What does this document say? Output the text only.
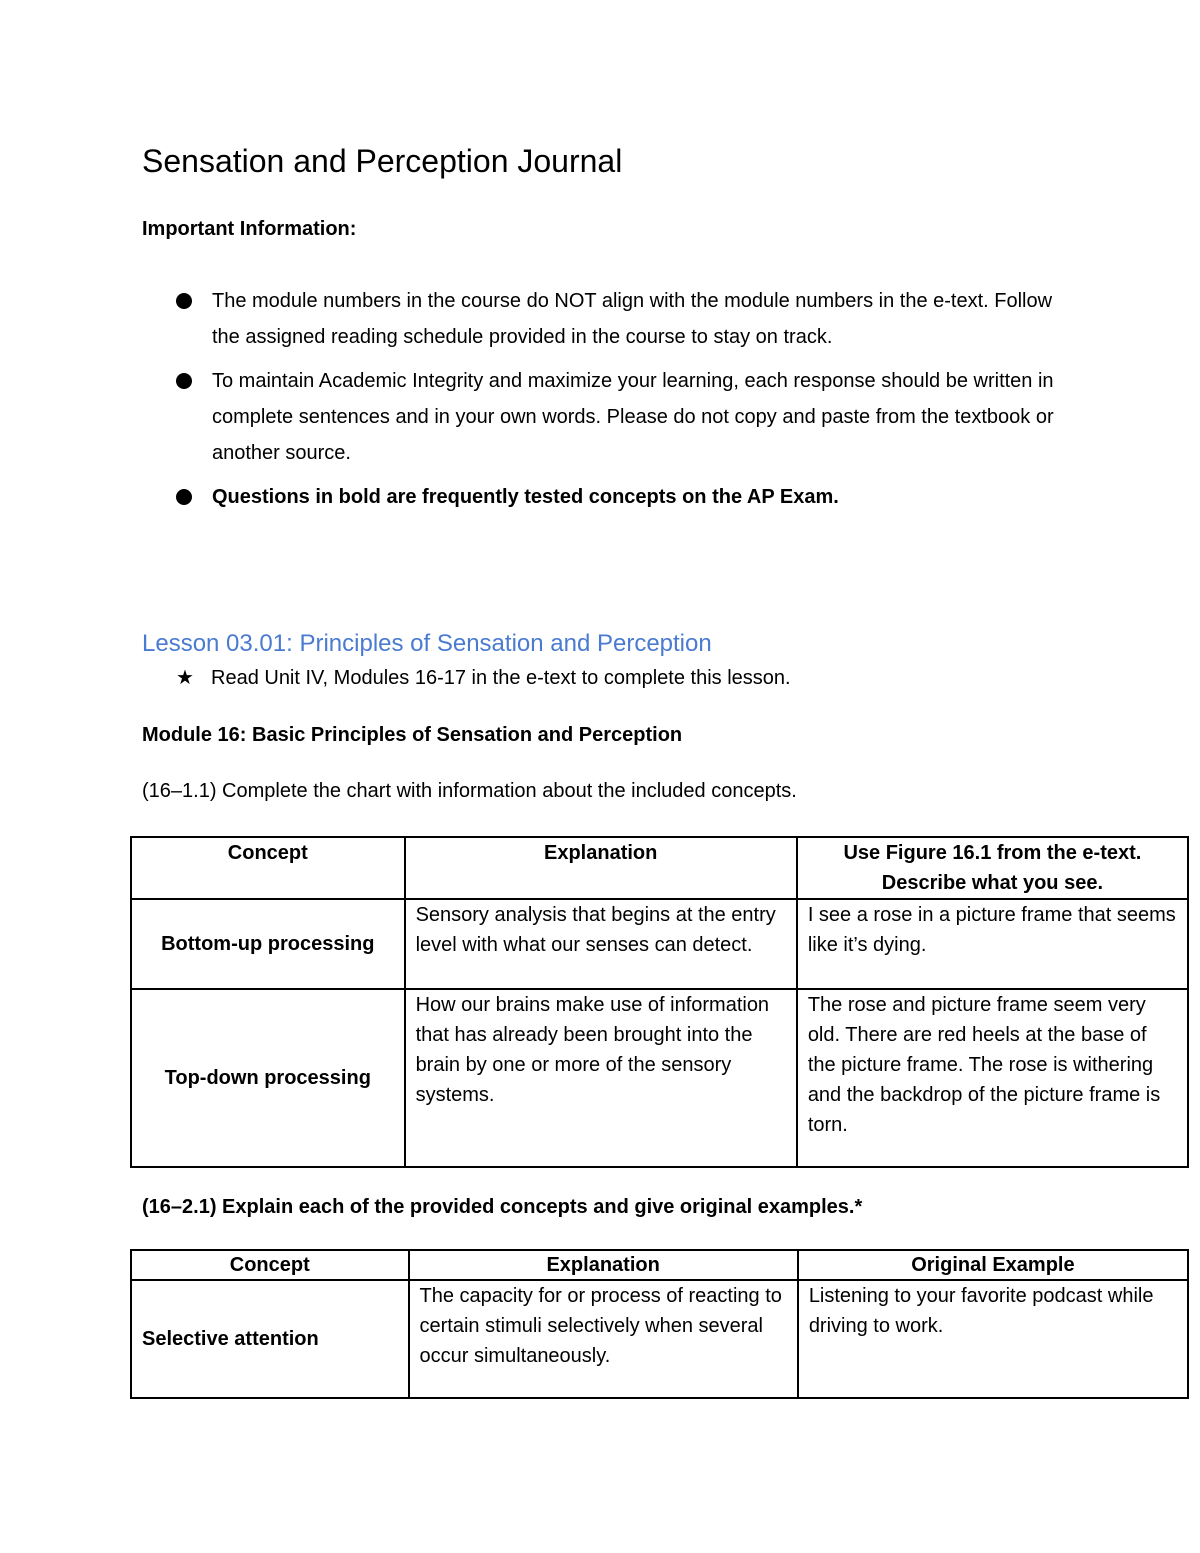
Sensation and Perception Journal
Important Information:
The module numbers in the course do NOT align with the module numbers in the e-text. Follow the assigned reading schedule provided in the course to stay on track.
To maintain Academic Integrity and maximize your learning, each response should be written in complete sentences and in your own words. Please do not copy and paste from the textbook or another source.
Questions in bold are frequently tested concepts on the AP Exam.
Lesson 03.01: Principles of Sensation and Perception
★ Read Unit IV, Modules 16-17 in the e-text to complete this lesson.
Module 16: Basic Principles of Sensation and Perception
(16–1.1) Complete the chart with information about the included concepts.
Concept	Explanation	Use Figure 16.1 from the e-text. Describe what you see.
Bottom-up processing	Sensory analysis that begins at the entry level with what our senses can detect.	I see a rose in a picture frame that seems like it’s dying.
Top-down processing	How our brains make use of information that has already been brought into the brain by one or more of the sensory systems.	The rose and picture frame seem very old. There are red heels at the base of the picture frame. The rose is withering and the backdrop of the picture frame is torn.
(16–2.1) Explain each of the provided concepts and give original examples.*
Concept	Explanation	Original Example
Selective attention	The capacity for or process of reacting to certain stimuli selectively when several occur simultaneously.	Listening to your favorite podcast while driving to work.
